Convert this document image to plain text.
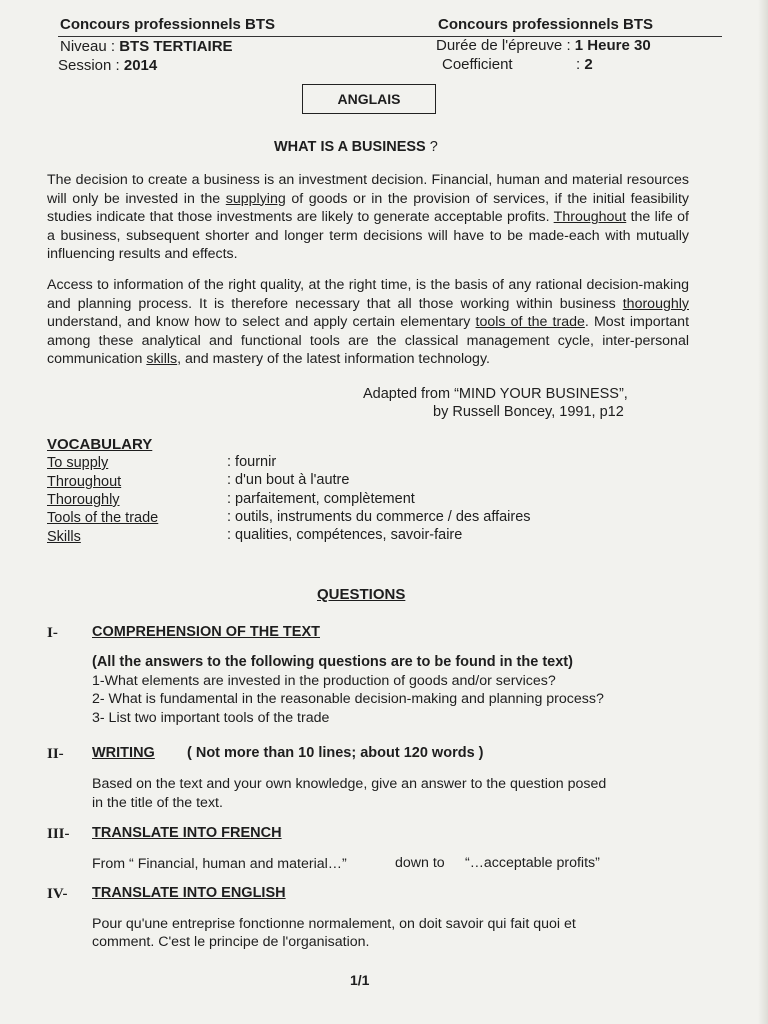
Concours professionnels BTS	Concours professionnels BTS
Niveau : BTS TERTIAIRE
Session : 2014
Durée de l'épreuve : 1 Heure 30
Coefficient	: 2
ANGLAIS
WHAT IS A BUSINESS ?
The decision to create a business is an investment decision. Financial, human and material resources will only be invested in the supplying of goods or in the provision of services, if the initial feasibility studies indicate that those investments are likely to generate acceptable profits. Throughout the life of a business, subsequent shorter and longer term decisions will have to be made-each with mutually influencing results and effects.
Access to information of the right quality, at the right time, is the basis of any rational decision-making and planning process. It is therefore necessary that all those working within business thoroughly understand, and know how to select and apply certain elementary tools of the trade. Most important among these analytical and functional tools are the classical management cycle, inter-personal communication skills, and mastery of the latest information technology.
Adapted from “MIND YOUR BUSINESS”,
by Russell Boncey, 1991, p12
VOCABULARY
To supply	: fournir
Throughout	: d'un bout à l'autre
Thoroughly	: parfaitement, complètement
Tools of the trade	: outils, instruments du commerce / des affaires
Skills	: qualities, compétences, savoir-faire
QUESTIONS
I- COMPREHENSION OF THE TEXT
(All the answers to the following questions are to be found in the text)
1-What elements are invested in the production of goods and/or services?
2- What is fundamental in the reasonable decision-making and planning process?
3- List two important tools of the trade
II- WRITING ( Not more than 10 lines; about 120 words )
Based on the text and your own knowledge, give an answer to the question posed
in the title of the text.
III- TRANSLATE INTO FRENCH
From “ Financial, human and material…”	down to “…acceptable profits”
IV- TRANSLATE INTO ENGLISH
Pour qu'une entreprise fonctionne normalement, on doit savoir qui fait quoi et
comment. C'est le principe de l'organisation.
1/1
